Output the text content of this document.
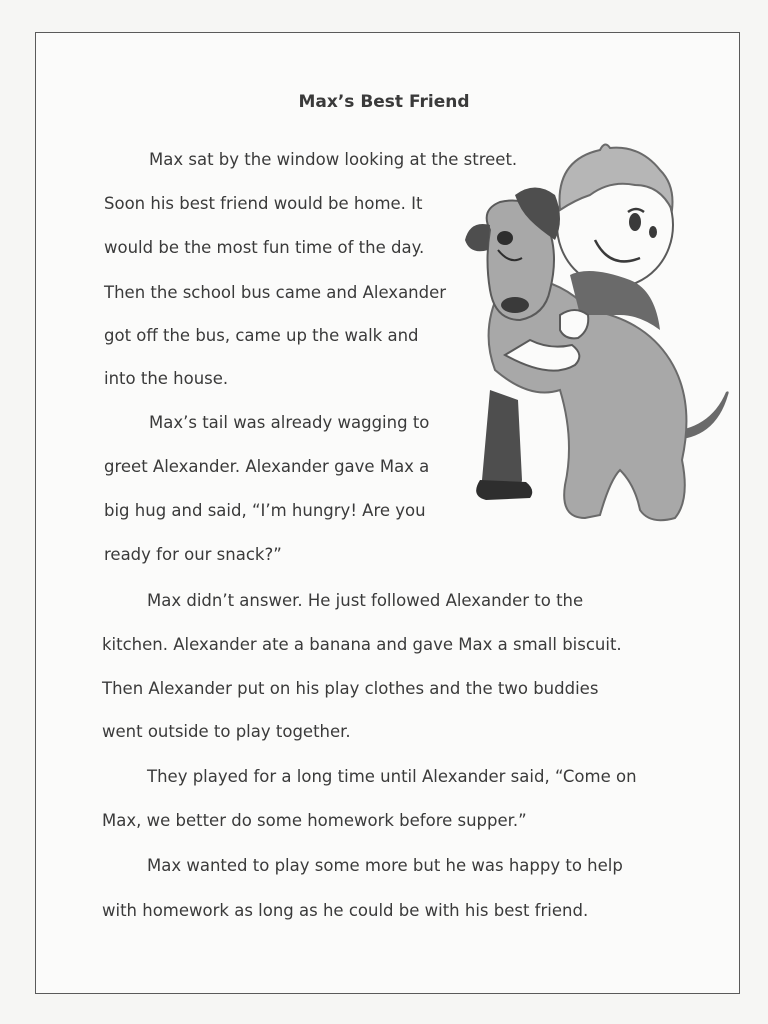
Max’s Best Friend
Max sat by the window looking at the street.
Soon his best friend would be home. It
would be the most fun time of the day.
Then the school bus came and Alexander
got off the bus, came up the walk and
into the house.
Max’s tail was already wagging to
greet Alexander. Alexander gave Max a
big hug and said, “I’m hungry! Are you
ready for our snack?”
Max didn’t answer. He just followed Alexander to the
kitchen. Alexander ate a banana and gave Max a small biscuit.
Then Alexander put on his play clothes and the two buddies
went outside to play together.
They played for a long time until Alexander said, “Come on
Max, we better do some homework before supper.”
Max wanted to play some more but he was happy to help
with homework as long as he could be with his best friend.
